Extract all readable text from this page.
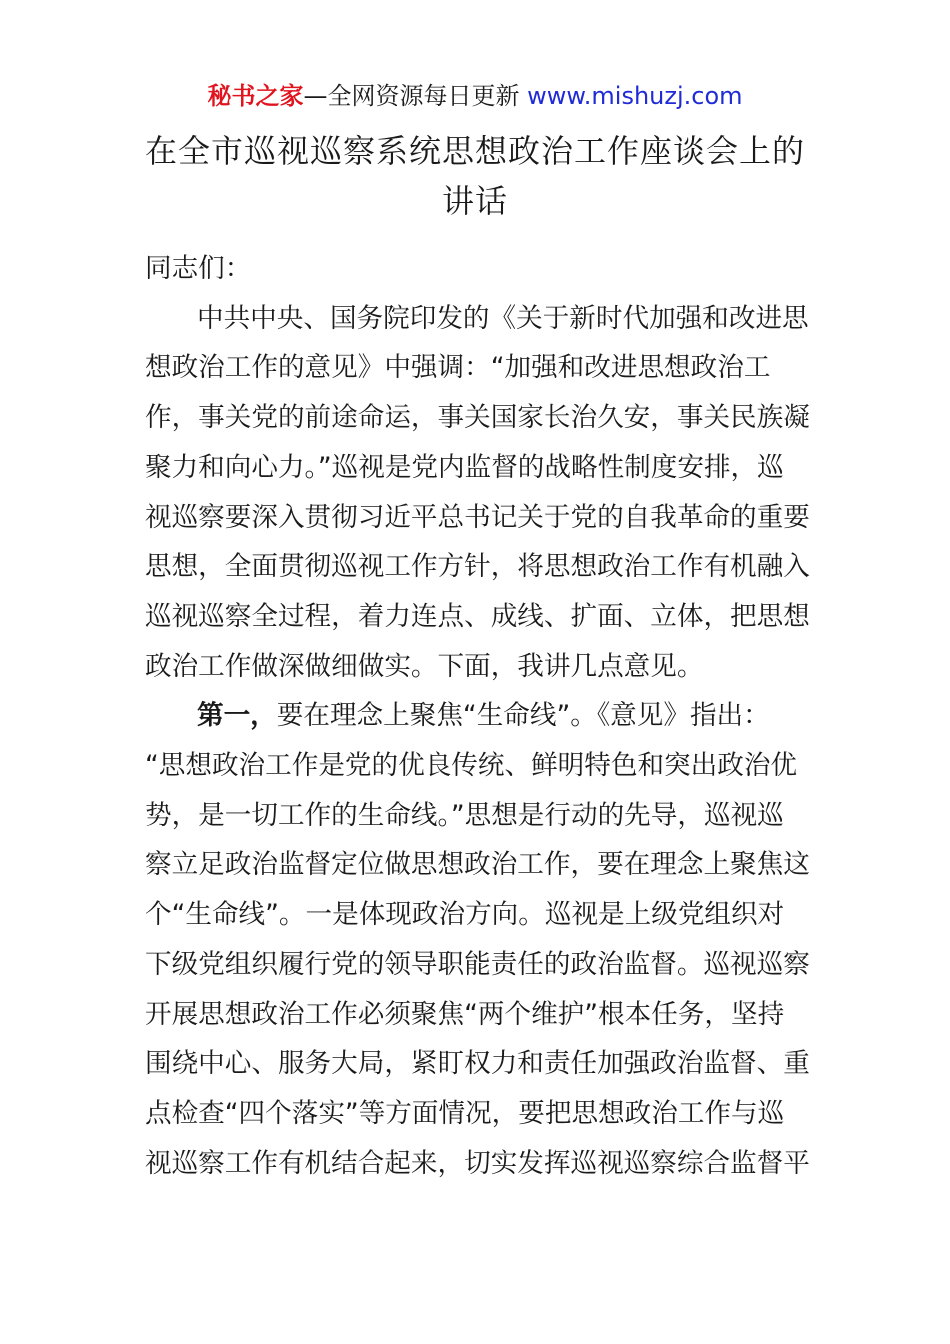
秘书之家—全网资源每日更新 www.mishuzj.com
在全市巡视巡察系统思想政治工作座谈会上的
讲话
同志们：
中共中央、国务院印发的《关于新时代加强和改进思
想政治工作的意见》中强调：“加强和改进思想政治工
作，事关党的前途命运，事关国家长治久安，事关民族凝
聚力和向心力。”巡视是党内监督的战略性制度安排，巡
视巡察要深入贯彻习近平总书记关于党的自我革命的重要
思想，全面贯彻巡视工作方针，将思想政治工作有机融入
巡视巡察全过程，着力连点、成线、扩面、立体，把思想
政治工作做深做细做实。下面，我讲几点意见。
第一，要在理念上聚焦“生命线”。《意见》指出：
“思想政治工作是党的优良传统、鲜明特色和突出政治优
势，是一切工作的生命线。”思想是行动的先导，巡视巡
察立足政治监督定位做思想政治工作，要在理念上聚焦这
个“生命线”。一是体现政治方向。巡视是上级党组织对
下级党组织履行党的领导职能责任的政治监督。巡视巡察
开展思想政治工作必须聚焦“两个维护”根本任务，坚持
围绕中心、服务大局，紧盯权力和责任加强政治监督、重
点检查“四个落实”等方面情况，要把思想政治工作与巡
视巡察工作有机结合起来，切实发挥巡视巡察综合监督平
